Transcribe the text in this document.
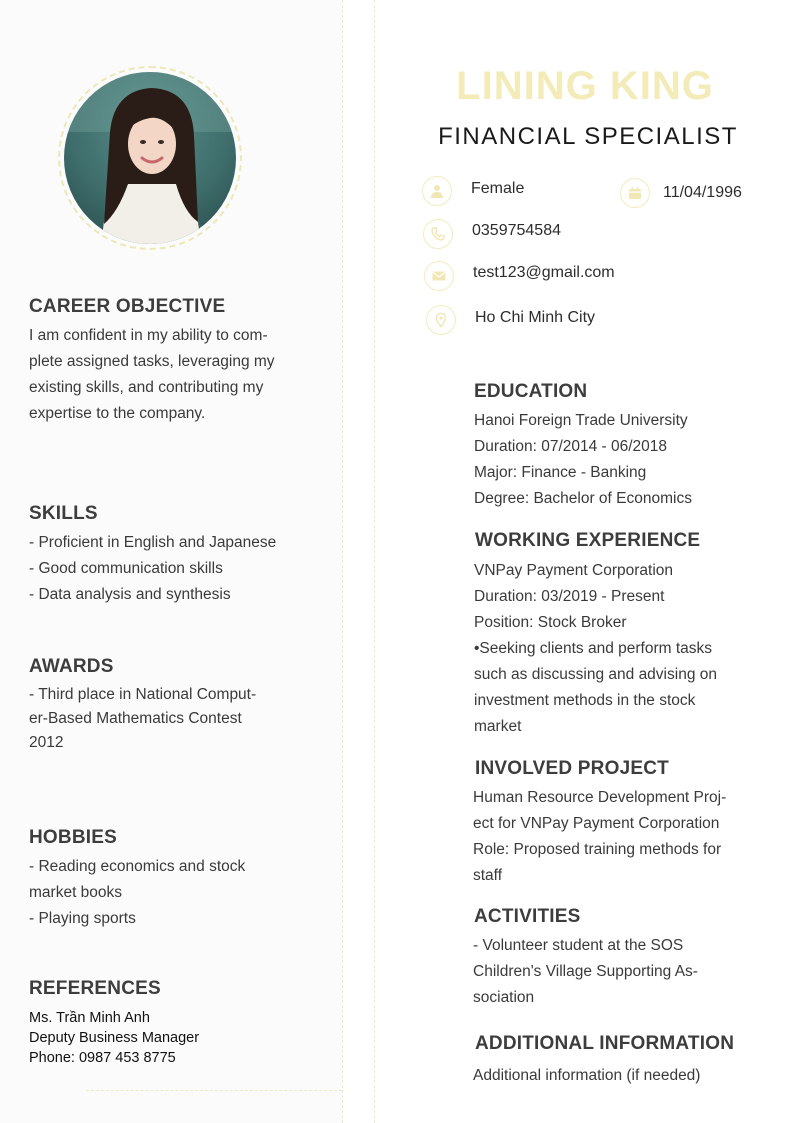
CAREER OBJECTIVE
I am confident in my ability to com-
plete assigned tasks, leveraging my
existing skills, and contributing my
expertise to the company.
SKILLS
- Proficient in English and Japanese
- Good communication skills
- Data analysis and synthesis
AWARDS
- Third place in National Comput-
er-Based Mathematics Contest
2012
HOBBIES
- Reading economics and stock
market books
- Playing sports
REFERENCES
Ms. Trần Minh Anh
Deputy Business Manager
Phone: 0987 453 8775
LINING KING
FINANCIAL SPECIALIST
Female	11/04/1996
0359754584
test123@gmail.com
Ho Chi Minh City
EDUCATION
Hanoi Foreign Trade University
Duration: 07/2014 - 06/2018
Major: Finance - Banking
Degree: Bachelor of Economics
WORKING EXPERIENCE
VNPay Payment Corporation
Duration: 03/2019 - Present
Position: Stock Broker
•Seeking clients and perform tasks
such as discussing and advising on
investment methods in the stock
market
INVOLVED PROJECT
Human Resource Development Proj-
ect for VNPay Payment Corporation
Role: Proposed training methods for
staff
ACTIVITIES
- Volunteer student at the SOS
Children's Village Supporting As-
sociation
ADDITIONAL INFORMATION
Additional information (if needed)
